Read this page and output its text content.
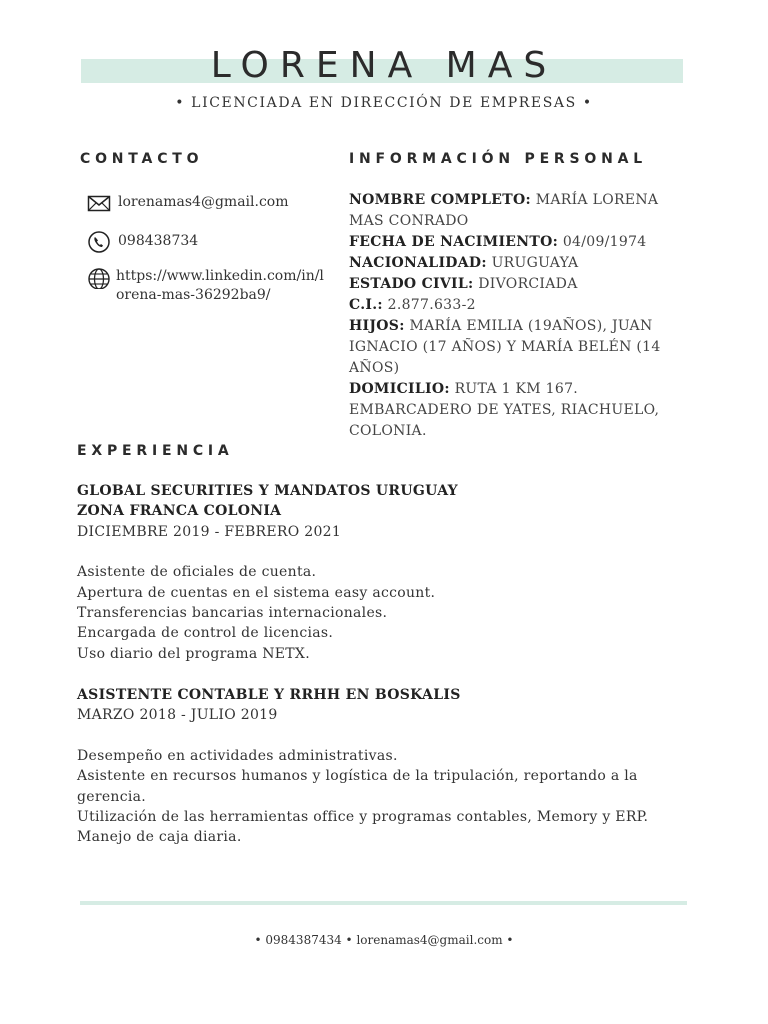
LORENA MAS
• LICENCIADA EN DIRECCIÓN DE EMPRESAS •
CONTACTO
lorenamas4@gmail.com
098438734
https://www.linkedin.com/in/lorena-mas-36292ba9/
INFORMACIÓN PERSONAL
NOMBRE COMPLETO: MARÍA LORENA MAS CONRADO
FECHA DE NACIMIENTO: 04/09/1974
NACIONALIDAD: URUGUAYA
ESTADO CIVIL: DIVORCIADA
C.I.: 2.877.633-2
HIJOS: MARÍA EMILIA (19AÑOS), JUAN IGNACIO (17 AÑOS) Y MARÍA BELÉN (14 AÑOS)
DOMICILIO: RUTA 1 KM 167. EMBARCADERO DE YATES, RIACHUELO, COLONIA.
EXPERIENCIA
GLOBAL SECURITIES Y MANDATOS URUGUAY
ZONA FRANCA COLONIA
DICIEMBRE 2019 - FEBRERO 2021
Asistente de oficiales de cuenta.
Apertura de cuentas en el sistema easy account.
Transferencias bancarias internacionales.
Encargada de control de licencias.
Uso diario del programa NETX.
ASISTENTE CONTABLE Y RRHH EN BOSKALIS
MARZO 2018 - JULIO 2019
Desempeño en actividades administrativas.
Asistente en recursos humanos y logística de la tripulación, reportando a la gerencia.
Utilización de las herramientas office y programas contables, Memory y ERP.
Manejo de caja diaria.
• 0984387434 • lorenamas4@gmail.com •
